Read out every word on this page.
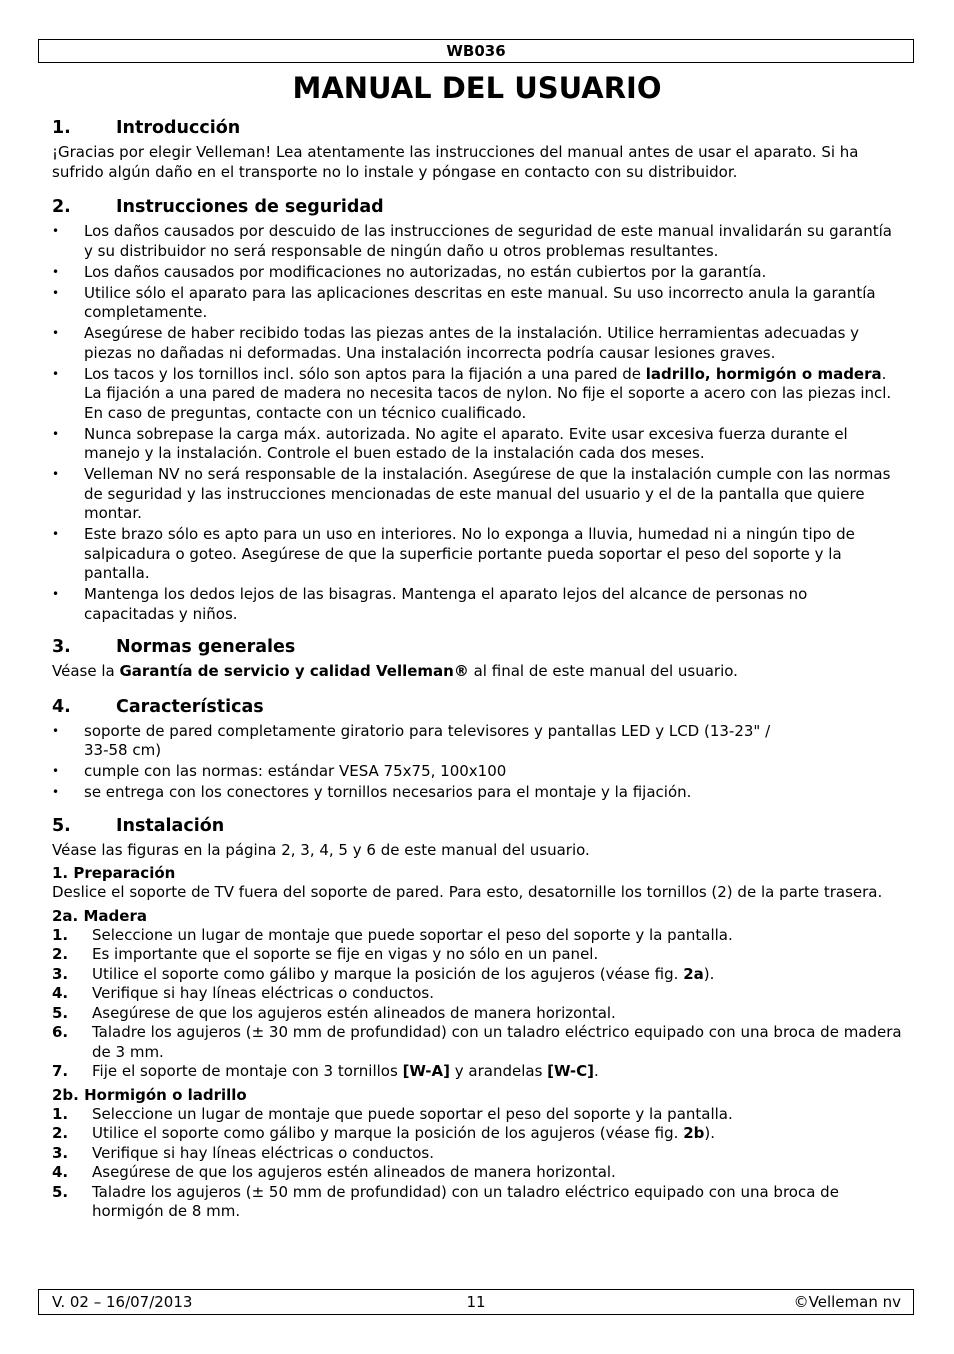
WB036
MANUAL DEL USUARIO
1.	Introducción

¡Gracias por elegir Velleman! Lea atentamente las instrucciones del manual antes de usar el aparato. Si ha sufrido algún daño en el transporte no lo instale y póngase en contacto con su distribuidor.

2.	Instrucciones de seguridad
• Los daños causados por descuido de las instrucciones de seguridad de este manual invalidarán su garantía y su distribuidor no será responsable de ningún daño u otros problemas resultantes.
• Los daños causados por modificaciones no autorizadas, no están cubiertos por la garantía.
• Utilice sólo el aparato para las aplicaciones descritas en este manual. Su uso incorrecto anula la garantía completamente.
• Asegúrese de haber recibido todas las piezas antes de la instalación. Utilice herramientas adecuadas y piezas no dañadas ni deformadas. Una instalación incorrecta podría causar lesiones graves.
• Los tacos y los tornillos incl. sólo son aptos para la fijación a una pared de ladrillo, hormigón o madera. La fijación a una pared de madera no necesita tacos de nylon. No fije el soporte a acero con las piezas incl. En caso de preguntas, contacte con un técnico cualificado.
• Nunca sobrepase la carga máx. autorizada. No agite el aparato. Evite usar excesiva fuerza durante el manejo y la instalación. Controle el buen estado de la instalación cada dos meses.
• Velleman NV no será responsable de la instalación. Asegúrese de que la instalación cumple con las normas de seguridad y las instrucciones mencionadas de este manual del usuario y el de la pantalla que quiere montar.
• Este brazo sólo es apto para un uso en interiores. No lo exponga a lluvia, humedad ni a ningún tipo de salpicadura o goteo. Asegúrese de que la superficie portante pueda soportar el peso del soporte y la pantalla.
• Mantenga los dedos lejos de las bisagras. Mantenga el aparato lejos del alcance de personas no capacitadas y niños.
3.	Normas generales

Véase la Garantía de servicio y calidad Velleman® al final de este manual del usuario.

4.	Características
• soporte de pared completamente giratorio para televisores y pantallas LED y LCD (13-23" /
33-58 cm)
• cumple con las normas: estándar VESA 75x75, 100x100
• se entrega con los conectores y tornillos necesarios para el montaje y la fijación.
5.	Instalación

Véase las figuras en la página 2, 3, 4, 5 y 6 de este manual del usuario.

1. Preparación

Deslice el soporte de TV fuera del soporte de pared. Para esto, desatornille los tornillos (2) de la parte trasera.

2a. Madera
1. Seleccione un lugar de montaje que puede soportar el peso del soporte y la pantalla.
2. Es importante que el soporte se fije en vigas y no sólo en un panel.
3. Utilice el soporte como gálibo y marque la posición de los agujeros (véase fig. 2a).
4. Verifique si hay líneas eléctricas o conductos.
5. Asegúrese de que los agujeros estén alineados de manera horizontal.
6. Taladre los agujeros (± 30 mm de profundidad) con un taladro eléctrico equipado con una broca de madera de 3 mm.
7. Fije el soporte de montaje con 3 tornillos [W-A] y arandelas [W-C].
2b. Hormigón o ladrillo
1. Seleccione un lugar de montaje que puede soportar el peso del soporte y la pantalla.
2. Utilice el soporte como gálibo y marque la posición de los agujeros (véase fig. 2b).
3. Verifique si hay líneas eléctricas o conductos.
4. Asegúrese de que los agujeros estén alineados de manera horizontal.
5. Taladre los agujeros (± 50 mm de profundidad) con un taladro eléctrico equipado con una broca de hormigón de 8 mm.
V. 02 – 16/07/2013	11	©Velleman nv
